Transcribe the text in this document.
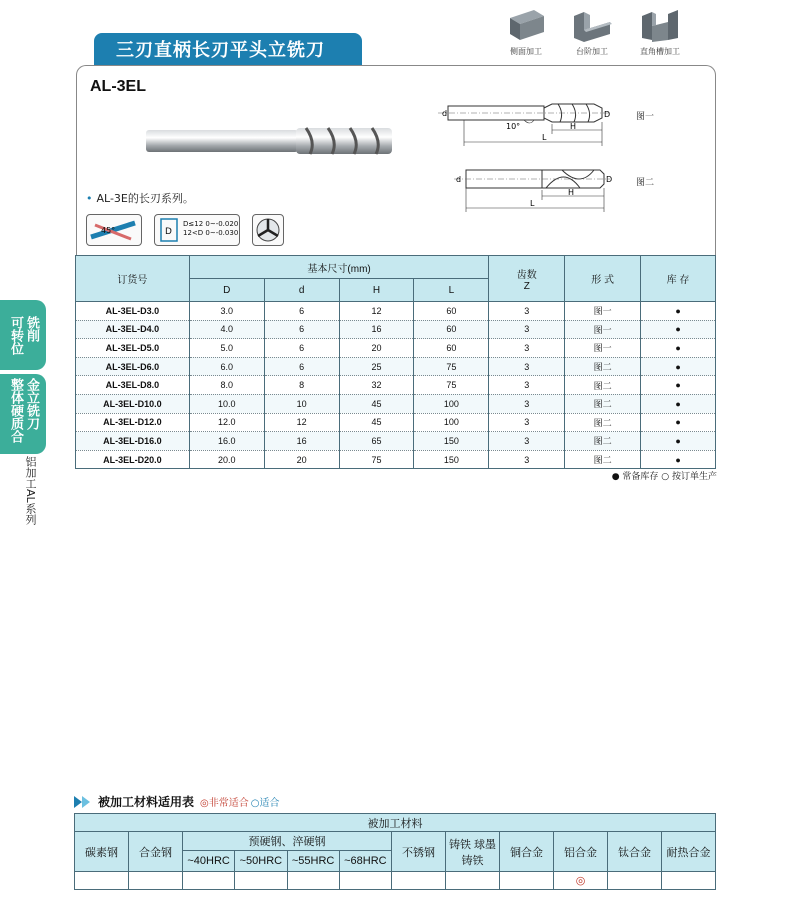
三刃直柄长刃平头立铣刀	侧面加工	台阶加工	直角槽加工
AL-3EL
• AL-3E的长刃系列。
45°	D
D≤12 0~-0.020
12<D 0~-0.030
d	D
H
L
10°
d	D
H
L
图一
图二
订货号	基本尺寸(mm)				齿数
Z	形 式	库 存
	D	d	H	L			
AL-3EL-D3.0	3.0	6	12	60	3	图一	●
AL-3EL-D4.0	4.0	6	16	60	3	图一	●
AL-3EL-D5.0	5.0	6	20	60	3	图一	●
AL-3EL-D6.0	6.0	6	25	75	3	图二	●
AL-3EL-D8.0	8.0	8	32	75	3	图二	●
AL-3EL-D10.0	10.0	10	45	100	3	图二	●
AL-3EL-D12.0	12.0	12	45	100	3	图二	●
AL-3EL-D16.0	16.0	16	65	150	3	图二	●
AL-3EL-D20.0	20.0	20	75	150	3	图二	●
● 常备库存 ○ 按订单生产
可转位 铣削
整体硬质合 金立铣刀
铝加工AL系列
被加工材料适用表 ◎非常适合 ○适合
被加工材料											
碳素钢	合金钢	预硬钢、淬硬钢				不锈钢	铸铁 球墨铸铁	铜合金	铝合金	钛合金	耐热合金
		~40HRC	~50HRC	~55HRC	~68HRC						
									◎		
